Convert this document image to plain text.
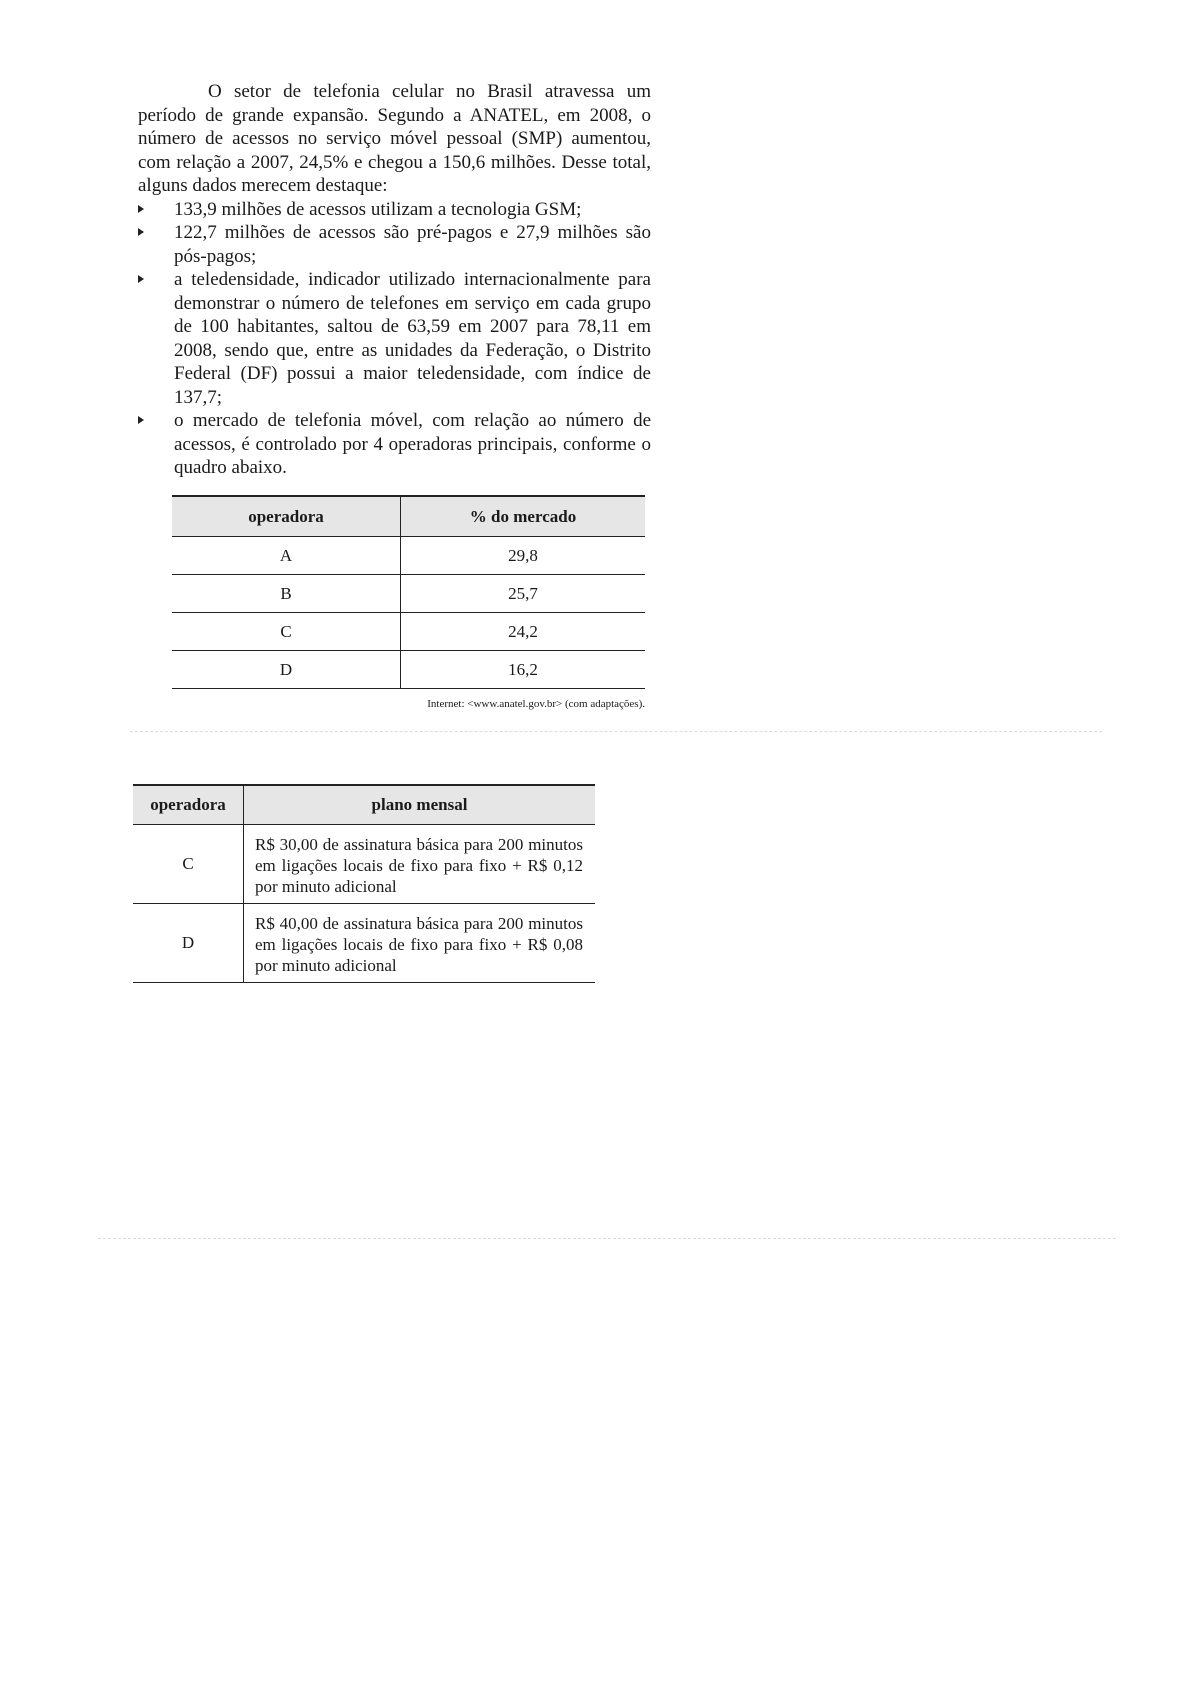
O setor de telefonia celular no Brasil atravessa um período de grande expansão. Segundo a ANATEL, em 2008, o número de acessos no serviço móvel pessoal (SMP) aumentou, com relação a 2007, 24,5% e chegou a 150,6 milhões. Desse total, alguns dados merecem destaque:

133,9 milhões de acessos utilizam a tecnologia GSM;
122,7 milhões de acessos são pré-pagos e 27,9 milhões são pós-pagos;
a teledensidade, indicador utilizado internacionalmente para demonstrar o número de telefones em serviço em cada grupo de 100 habitantes, saltou de 63,59 em 2007 para 78,11 em 2008, sendo que, entre as unidades da Federação, o Distrito Federal (DF) possui a maior teledensidade, com índice de 137,7;
o mercado de telefonia móvel, com relação ao número de acessos, é controlado por 4 operadoras principais, conforme o quadro abaixo.
operadora	% do mercado
A	29,8
B	25,7
C	24,2
D	16,2
Internet: <www.anatel.gov.br> (com adaptações).
operadora	plano mensal
C	R$ 30,00 de assinatura básica para 200 minutos em ligações locais de fixo para fixo + R$ 0,12 por minuto adicional
D	R$ 40,00 de assinatura básica para 200 minutos em ligações locais de fixo para fixo + R$ 0,08 por minuto adicional
